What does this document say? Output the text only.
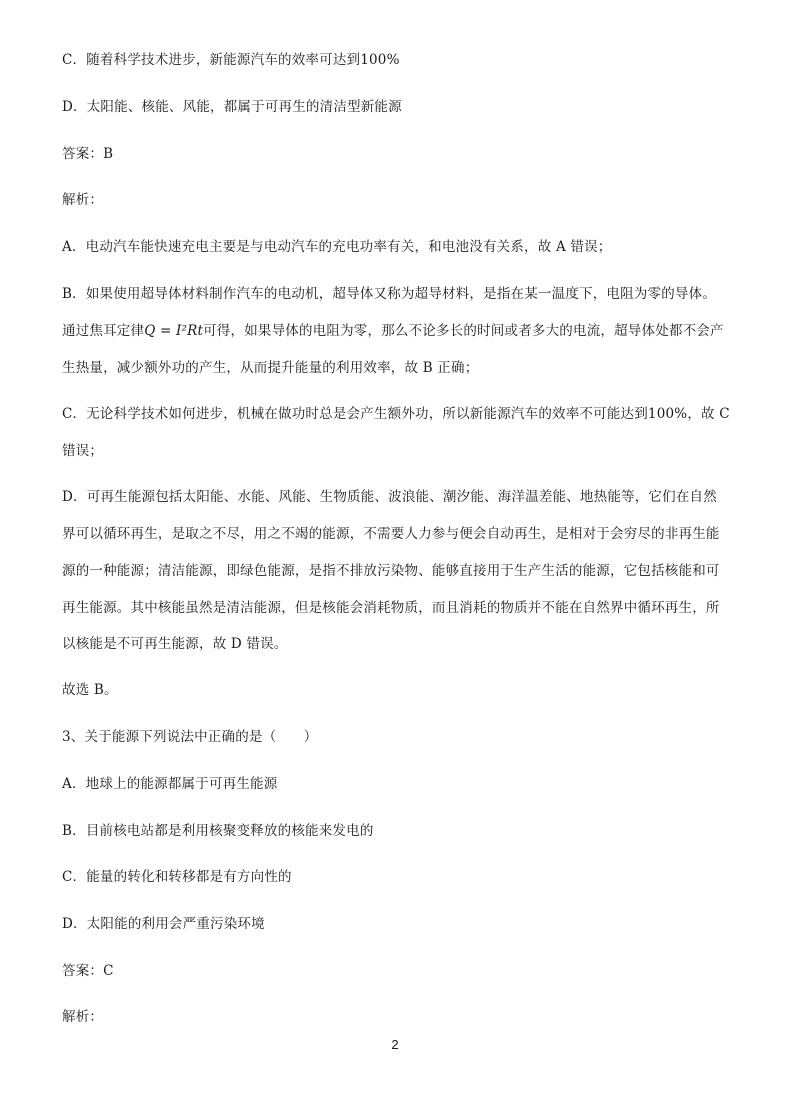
C．随着科学技术进步，新能源汽车的效率可达到100%
D．太阳能、核能、风能，都属于可再生的清洁型新能源
答案：B
解析：
A．电动汽车能快速充电主要是与电动汽车的充电功率有关，和电池没有关系，故 A 错误；
B．如果使用超导体材料制作汽车的电动机，超导体又称为超导材料，是指在某一温度下，电阻为零的导体。
通过焦耳定律Q = I²Rt可得，如果导体的电阻为零，那么不论多长的时间或者多大的电流，超导体处都不会产
生热量，减少额外功的产生，从而提升能量的利用效率，故 B 正确；
C．无论科学技术如何进步，机械在做功时总是会产生额外功，所以新能源汽车的效率不可能达到100%，故 C
错误；
D．可再生能源包括太阳能、水能、风能、生物质能、波浪能、潮汐能、海洋温差能、地热能等，它们在自然
界可以循环再生，是取之不尽，用之不竭的能源，不需要人力参与便会自动再生，是相对于会穷尽的非再生能
源的一种能源；清洁能源，即绿色能源，是指不排放污染物、能够直接用于生产生活的能源，它包括核能和可
再生能源。其中核能虽然是清洁能源，但是核能会消耗物质，而且消耗的物质并不能在自然界中循环再生，所
以核能是不可再生能源，故 D 错误。
故选 B。
3、关于能源下列说法中正确的是（　　）
A．地球上的能源都属于可再生能源
B．目前核电站都是利用核聚变释放的核能来发电的
C．能量的转化和转移都是有方向性的
D．太阳能的利用会严重污染环境
答案：C
解析：
2
